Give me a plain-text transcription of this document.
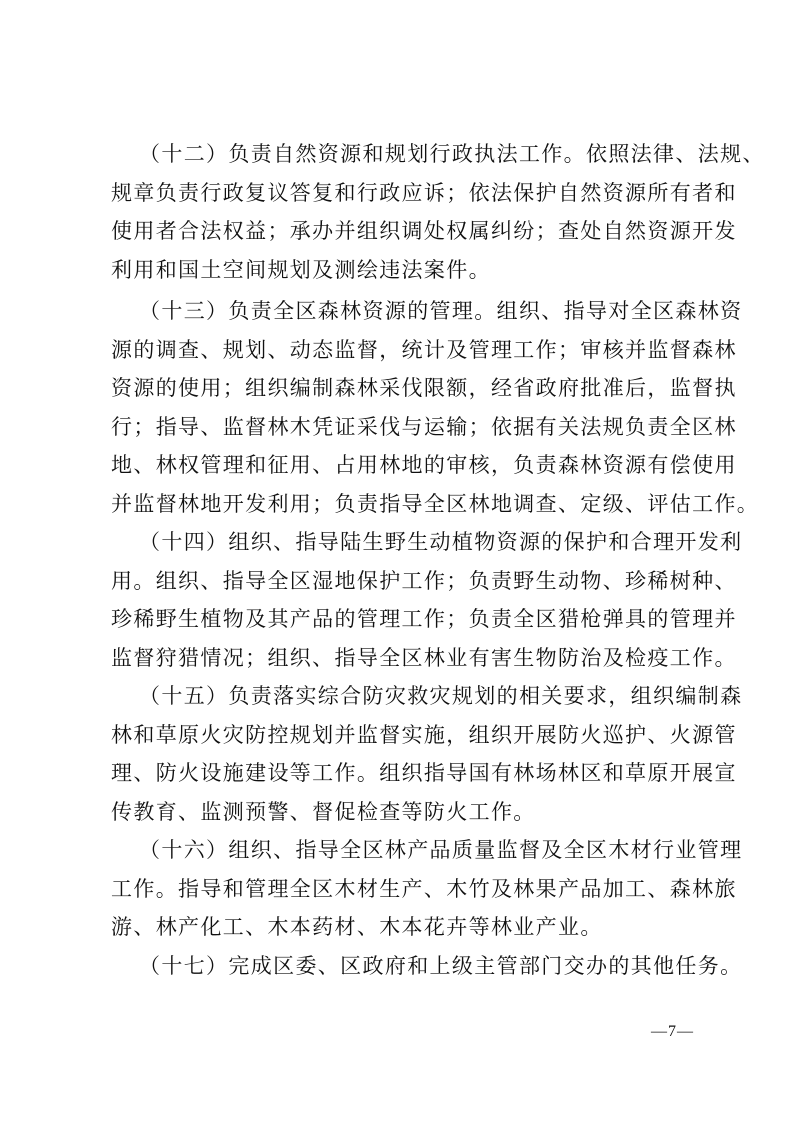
（十二）负责自然资源和规划行政执法工作。依照法律、法规、
规章负责行政复议答复和行政应诉；依法保护自然资源所有者和
使用者合法权益；承办并组织调处权属纠纷；查处自然资源开发
利用和国土空间规划及测绘违法案件。
（十三）负责全区森林资源的管理。组织、指导对全区森林资
源的调查、规划、动态监督，统计及管理工作；审核并监督森林
资源的使用；组织编制森林采伐限额，经省政府批准后，监督执
行；指导、监督林木凭证采伐与运输；依据有关法规负责全区林
地、林权管理和征用、占用林地的审核，负责森林资源有偿使用
并监督林地开发利用；负责指导全区林地调查、定级、评估工作。
（十四）组织、指导陆生野生动植物资源的保护和合理开发利
用。组织、指导全区湿地保护工作；负责野生动物、珍稀树种、
珍稀野生植物及其产品的管理工作；负责全区猎枪弹具的管理并
监督狩猎情况；组织、指导全区林业有害生物防治及检疫工作。
（十五）负责落实综合防灾救灾规划的相关要求，组织编制森
林和草原火灾防控规划并监督实施，组织开展防火巡护、火源管
理、防火设施建设等工作。组织指导国有林场林区和草原开展宣
传教育、监测预警、督促检查等防火工作。
（十六）组织、指导全区林产品质量监督及全区木材行业管理
工作。指导和管理全区木材生产、木竹及林果产品加工、森林旅
游、林产化工、木本药材、木本花卉等林业产业。
（十七）完成区委、区政府和上级主管部门交办的其他任务。
—7—
